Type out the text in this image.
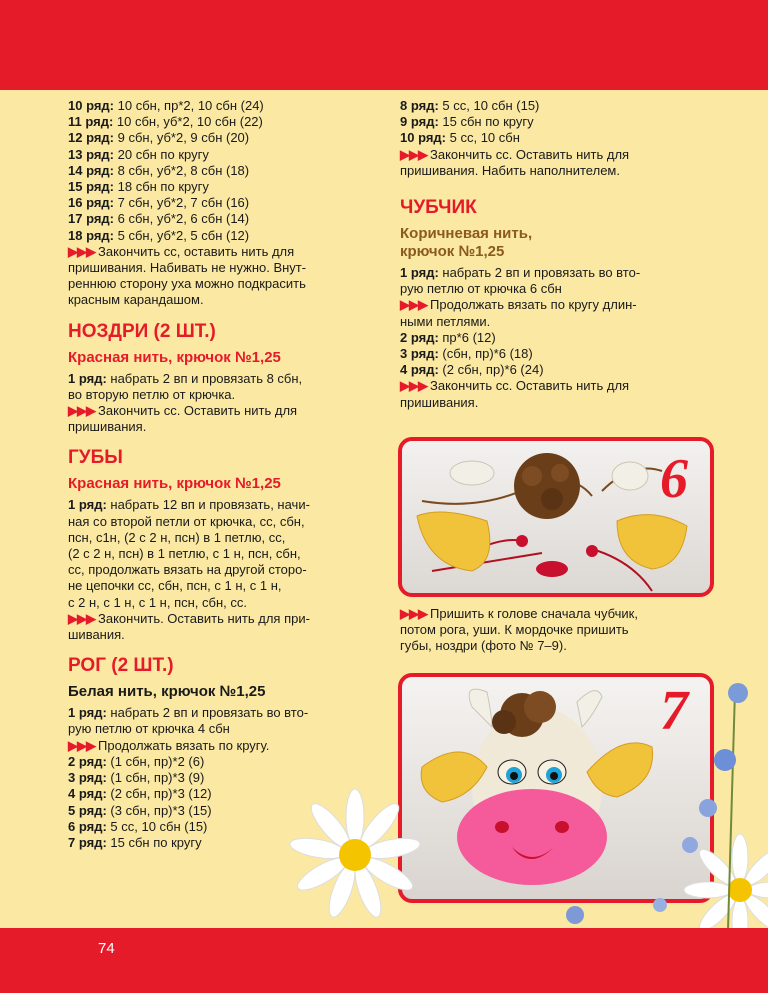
10 ряд: 10 сбн, пр*2, 10 сбн (24)
11 ряд: 10 сбн, уб*2, 10 сбн (22)
12 ряд: 9 сбн, уб*2, 9 сбн (20)
13 ряд: 20 сбн по кругу
14 ряд: 8 сбн, уб*2, 8 сбн (18)
15 ряд: 18 сбн по кругу
16 ряд: 7 сбн, уб*2, 7 сбн (16)
17 ряд: 6 сбн, уб*2, 6 сбн (14)
18 ряд: 5 сбн, уб*2, 5 сбн (12)
▶▶▶ Закончить сс, оставить нить для
пришивания. Набивать не нужно. Внут-
реннюю сторону уха можно подкрасить
красным карандашом.
НОЗДРИ (2 ШТ.)
Красная нить, крючок №1,25
1 ряд: набрать 2 вп и провязать 8 сбн,
во вторую петлю от крючка.
▶▶▶ Закончить сс. Оставить нить для
пришивания.
ГУБЫ
Красная нить, крючок №1,25
1 ряд: набрать 12 вп и провязать, начи-
ная со второй петли от крючка, сс, сбн,
псн, с1н, (2 с 2 н, псн) в 1 петлю, сс,
(2 с 2 н, псн) в 1 петлю, с 1 н, псн, сбн,
сс, продолжать вязать на другой сторо-
не цепочки сс, сбн, псн, с 1 н, с 1 н,
с 2 н, с 1 н, с 1 н, псн, сбн, сс.
▶▶▶ Закончить. Оставить нить для при-
шивания.
РОГ (2 ШТ.)
Белая нить, крючок №1,25
1 ряд: набрать 2 вп и провязать во вто-
рую петлю от крючка 4 сбн
▶▶▶ Продолжать вязать по кругу.
2 ряд: (1 сбн, пр)*2 (6)
3 ряд: (1 сбн, пр)*3 (9)
4 ряд: (2 сбн, пр)*3 (12)
5 ряд: (3 сбн, пр)*3 (15)
6 ряд: 5 сс, 10 сбн (15)
7 ряд: 15 сбн по кругу
8 ряд: 5 сс, 10 сбн (15)
9 ряд: 15 сбн по кругу
10 ряд: 5 сс, 10 сбн
▶▶▶ Закончить сс. Оставить нить для
пришивания. Набить наполнителем.
ЧУБЧИК
Коричневая нить,
крючок №1,25
1 ряд: набрать 2 вп и провязать во вто-
рую петлю от крючка 6 сбн
▶▶▶ Продолжать вязать по кругу длин-
ными петлями.
2 ряд: пр*6 (12)
3 ряд: (сбн, пр)*6 (18)
4 ряд: (2 сбн, пр)*6 (24)
▶▶▶ Закончить сс. Оставить нить для
пришивания.
6
▶▶▶ Пришить к голове сначала чубчик,
потом рога, уши. К мордочке пришить
губы, ноздри (фото № 7–9).
7
74
